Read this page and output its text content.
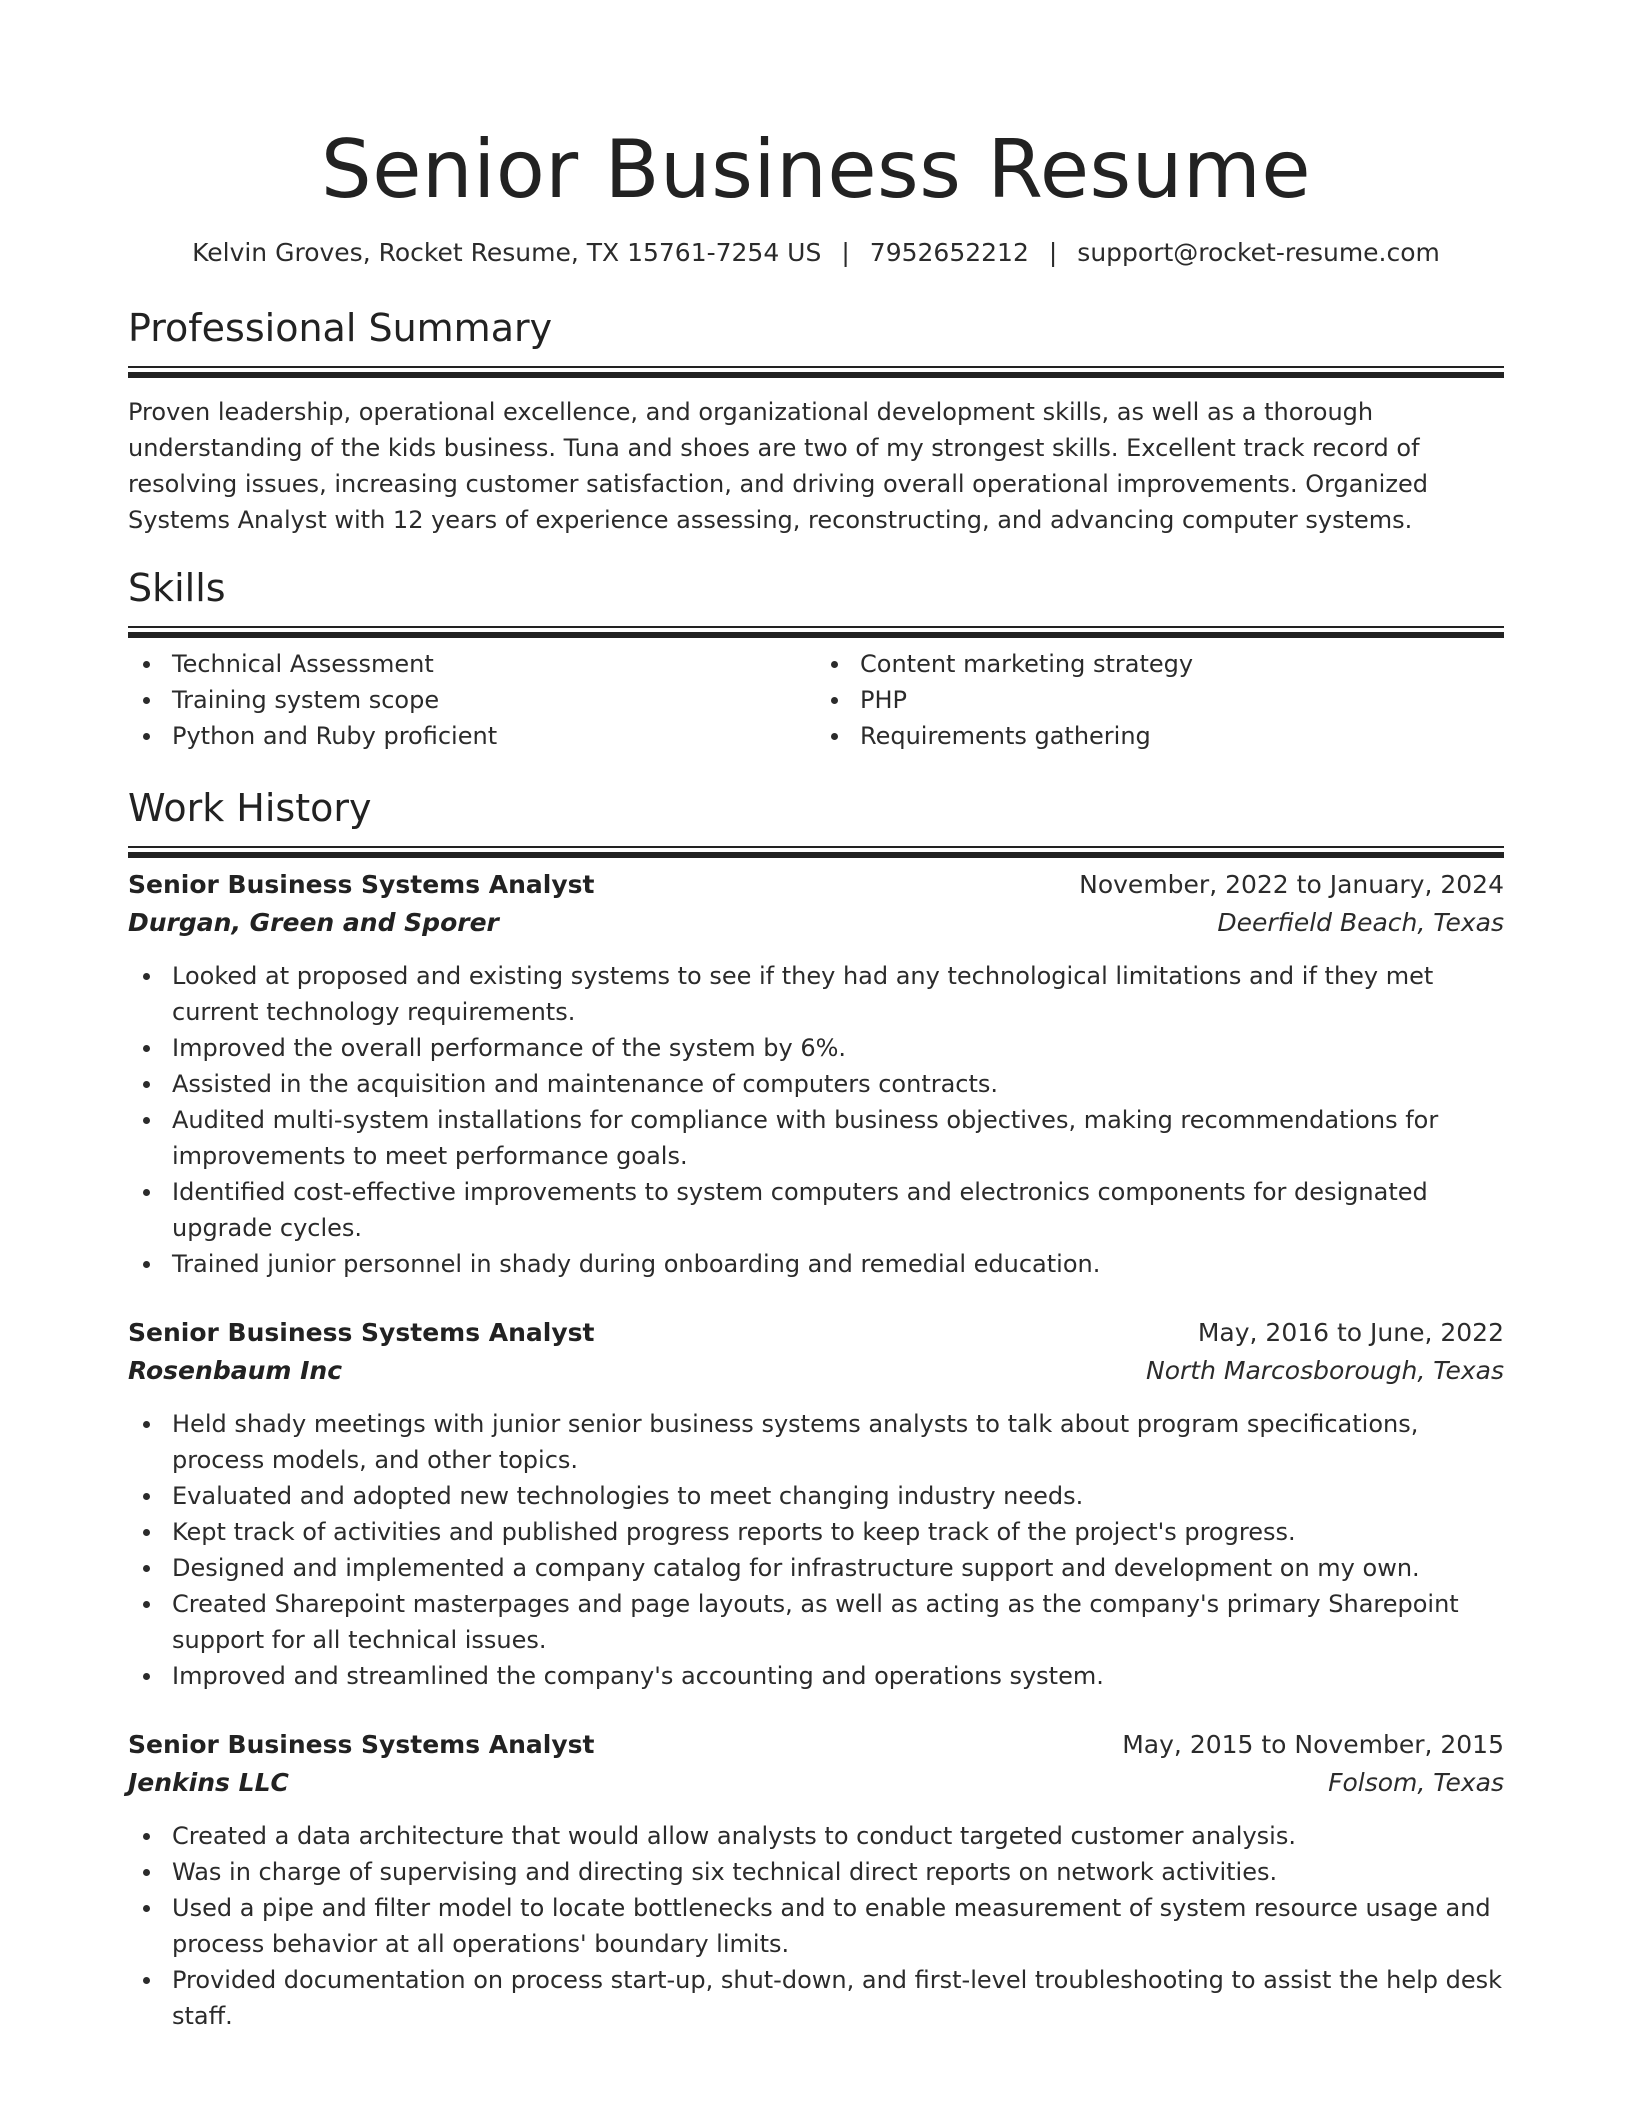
Senior Business Resume
Kelvin Groves, Rocket Resume, TX 15761-7254 US | 7952652212 | support@rocket-resume.com
Professional Summary

Proven leadership, operational excellence, and organizational development skills, as well as a thorough understanding of the kids business. Tuna and shoes are two of my strongest skills. Excellent track record of resolving issues, increasing customer satisfaction, and driving overall operational improvements. Organized Systems Analyst with 12 years of experience assessing, reconstructing, and advancing computer systems.

Skills
Technical Assessment
Training system scope
Python and Ruby proficient
Content marketing strategy
PHP
Requirements gathering
Work History
Senior Business Systems Analyst	November, 2022 to January, 2024
Durgan, Green and Sporer	Deerfield Beach, Texas
Looked at proposed and existing systems to see if they had any technological limitations and if they met current technology requirements.
Improved the overall performance of the system by 6%.
Assisted in the acquisition and maintenance of computers contracts.
Audited multi-system installations for compliance with business objectives, making recommendations for improvements to meet performance goals.
Identified cost-effective improvements to system computers and electronics components for designated upgrade cycles.
Trained junior personnel in shady during onboarding and remedial education.
Senior Business Systems Analyst	May, 2016 to June, 2022
Rosenbaum Inc	North Marcosborough, Texas
Held shady meetings with junior senior business systems analysts to talk about program specifications, process models, and other topics.
Evaluated and adopted new technologies to meet changing industry needs.
Kept track of activities and published progress reports to keep track of the project's progress.
Designed and implemented a company catalog for infrastructure support and development on my own.
Created Sharepoint masterpages and page layouts, as well as acting as the company's primary Sharepoint support for all technical issues.
Improved and streamlined the company's accounting and operations system.
Senior Business Systems Analyst	May, 2015 to November, 2015
Jenkins LLC	Folsom, Texas
Created a data architecture that would allow analysts to conduct targeted customer analysis.
Was in charge of supervising and directing six technical direct reports on network activities.
Used a pipe and filter model to locate bottlenecks and to enable measurement of system resource usage and process behavior at all operations' boundary limits.
Provided documentation on process start-up, shut-down, and first-level troubleshooting to assist the help desk staff.
